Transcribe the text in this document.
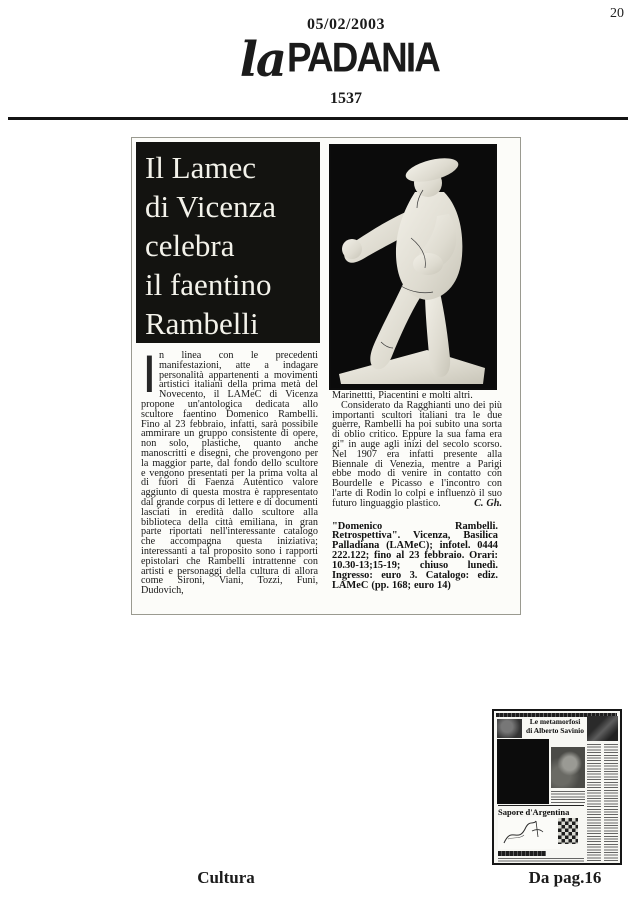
20
05/02/2003
laPADANIA
1537
Il Lamec
di Vicenza
celebra
il faentino
Rambelli
In linea con le precedenti manifestazioni, atte a indagare personalità appartenenti a movimenti artistici italiani della prima metà del Novecento, il LAMeC di Vicenza propone un'antologica dedicata allo scultore faentino Domenico Rambelli. Fino al 23 febbraio, infatti, sarà possibile ammirare un gruppo consistente di opere, non solo, plastiche, quanto anche manoscritti e disegni, che provengono per la maggior parte, dal fondo dello scultore e vengono presentati per la prima volta al di fuori di Faenza Autentico valore aggiunto di questa mostra è rappresentato dal grande corpus di lettere e di documenti lasciati in eredità dallo scultore alla biblioteca della città emiliana, in gran parte riportati nell'interessante catalogo che accompagna questa iniziativa; interessanti a tal proposito sono i rapporti epistolari che Rambelli intrattenne con artisti e personaggi della cultura di allora come Sironi, Viani, Tozzi, Funi, Dudovich,

Marinettti, Piacentini e molti altri.

Considerato da Ragghianti uno dei più importanti scultori italiani tra le due guerre, Rambelli ha poi subito una sorta di oblio critico. Eppure la sua fama era gi" in auge agli inizi del secolo scorso. Nel 1907 era infatti presente alla Biennale di Venezia, mentre a Parigi ebbe modo di venire in contatto con Bourdelle e Picasso e l'incontro con l'arte di Rodin lo colpi e influenzò il suo futuro linguaggio plastico.	C. Gh.

"Domenico Rambelli. Retrospettiva". Vicenza, Basilica Palladiana (LAMeC); infotel. 0444 222.122; fino al 23 febbraio. Orari: 10.30-13;15-19; chiuso lunedì. Ingresso: euro 3. Catalogo: ediz. LAMeC (pp. 168; euro 14)
Cultura	Da pag.16
Le metamorfosi
di Alberto Savinio
Sapore d'Argentina
